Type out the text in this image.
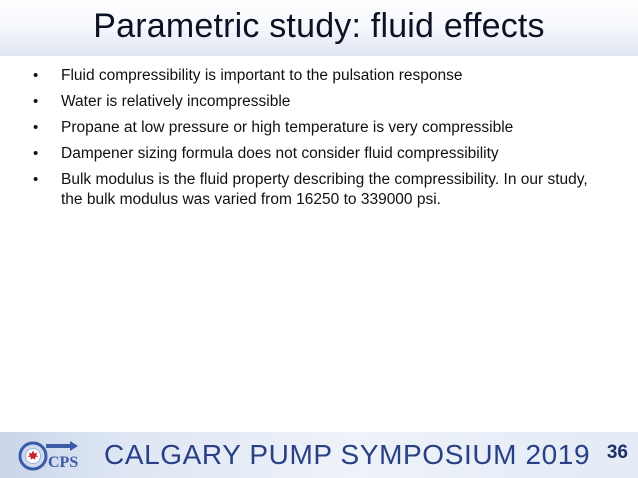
Parametric study: fluid effects
• Fluid compressibility is important to the pulsation response
• Water is relatively incompressible
• Propane at low pressure or high temperature is very compressible
• Dampener sizing formula does not consider fluid compressibility
• Bulk modulus is the fluid property describing the compressibility. In our study, the bulk modulus was varied from 16250 to 339000 psi.
CPS CALGARY PUMP SYMPOSIUM 2019 36
